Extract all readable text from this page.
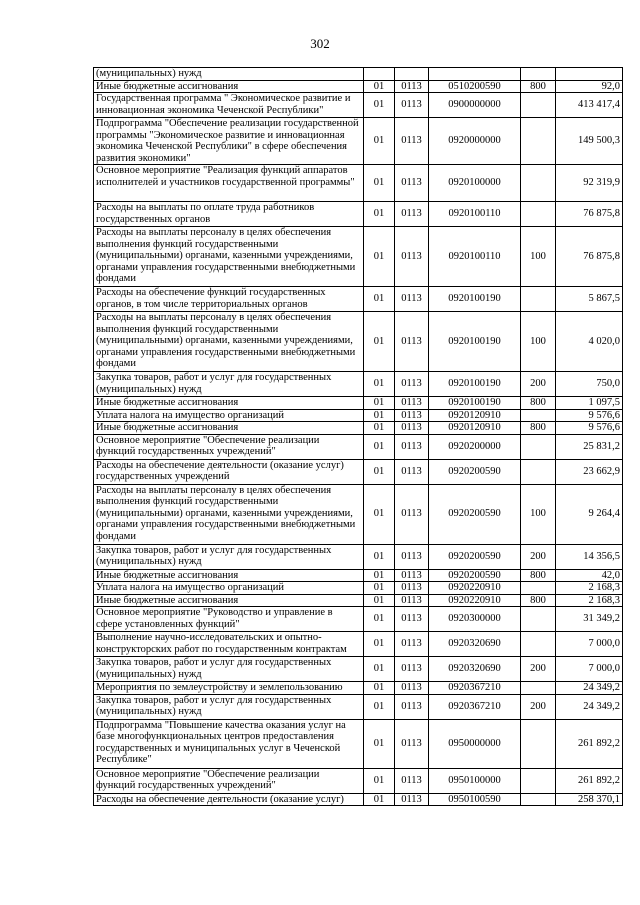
302
(муниципальных) нужд					
Иные бюджетные ассигнования	01	0113	0510200590	800	92,0
Государственная программа " Экономическое развитие и инновационная экономика Чеченской Республики"	01	0113	0900000000		413 417,4
Подпрограмма "Обеспечение реализации государственной программы "Экономическое развитие и инновационная экономика Чеченской Республики" в сфере обеспечения развития экономики"	01	0113	0920000000		149 500,3
Основное мероприятие "Реализация функций аппаратов исполнителей и участников государственной программы"	01	0113	0920100000		92 319,9
Расходы на выплаты по оплате труда работников государственных органов	01	0113	0920100110		76 875,8
Расходы на выплаты персоналу в целях обеспечения выполнения функций государственными (муниципальными) органами, казенными учреждениями, органами управления государственными внебюджетными фондами	01	0113	0920100110	100	76 875,8
Расходы на обеспечение функций государственных органов, в том числе территориальных органов	01	0113	0920100190		5 867,5
Расходы на выплаты персоналу в целях обеспечения выполнения функций государственными (муниципальными) органами, казенными учреждениями, органами управления государственными внебюджетными фондами	01	0113	0920100190	100	4 020,0
Закупка товаров, работ и услуг для государственных (муниципальных) нужд	01	0113	0920100190	200	750,0
Иные бюджетные ассигнования	01	0113	0920100190	800	1 097,5
Уплата налога на имущество организаций	01	0113	0920120910		9 576,6
Иные бюджетные ассигнования	01	0113	0920120910	800	9 576,6
Основное мероприятие "Обеспечение реализации функций государственных учреждений"	01	0113	0920200000		25 831,2
Расходы на обеспечение деятельности (оказание услуг) государственных учреждений	01	0113	0920200590		23 662,9
Расходы на выплаты персоналу в целях обеспечения выполнения функций государственными (муниципальными) органами, казенными учреждениями, органами управления государственными внебюджетными фондами	01	0113	0920200590	100	9 264,4
Закупка товаров, работ и услуг для государственных (муниципальных) нужд	01	0113	0920200590	200	14 356,5
Иные бюджетные ассигнования	01	0113	0920200590	800	42,0
Уплата налога на имущество организаций	01	0113	0920220910		2 168,3
Иные бюджетные ассигнования	01	0113	0920220910	800	2 168,3
Основное мероприятие "Руководство и управление в сфере установленных функций"	01	0113	0920300000		31 349,2
Выполнение научно-исследовательских и опытно-конструкторских работ по государственным контрактам	01	0113	0920320690		7 000,0
Закупка товаров, работ и услуг для государственных (муниципальных) нужд	01	0113	0920320690	200	7 000,0
Мероприятия по землеустройству и землепользованию	01	0113	0920367210		24 349,2
Закупка товаров, работ и услуг для государственных (муниципальных) нужд	01	0113	0920367210	200	24 349,2
Подпрограмма "Повышение качества оказания услуг на базе многофункциональных центров предоставления государственных и муниципальных услуг в Чеченской Республике"	01	0113	0950000000		261 892,2
Основное мероприятие "Обеспечение реализации функций государственных учреждений"	01	0113	0950100000		261 892,2
Расходы на обеспечение деятельности (оказание услуг)	01	0113	0950100590		258 370,1
